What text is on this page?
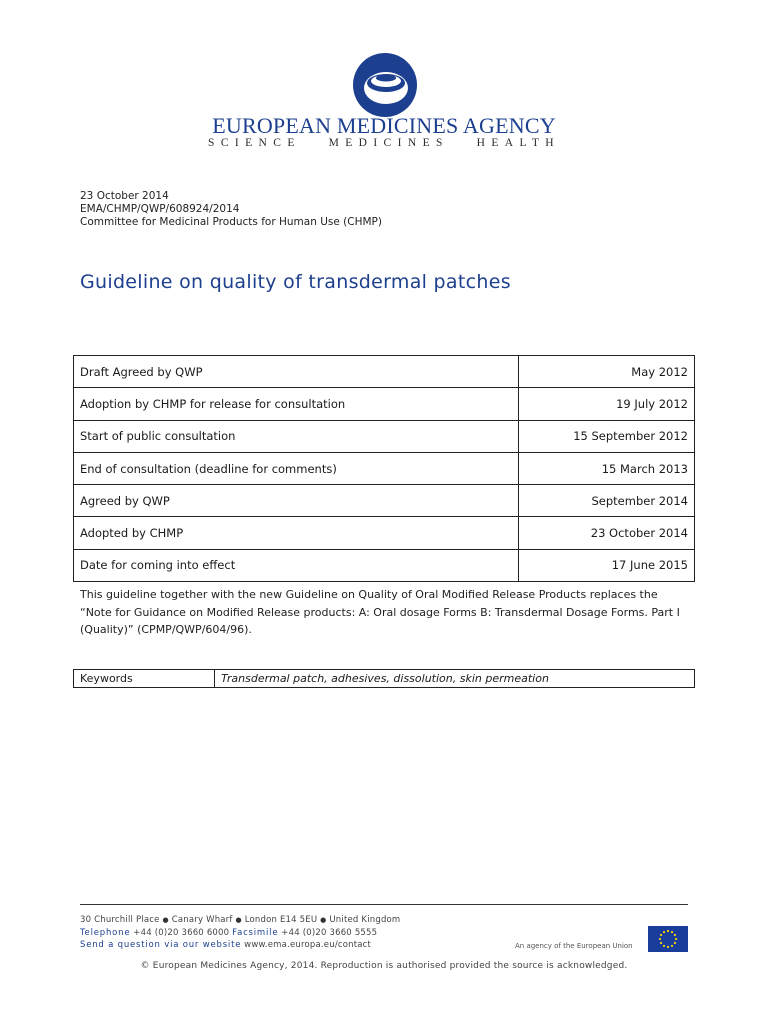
EUROPEAN MEDICINES AGENCY
SCIENCE   MEDICINES   HEALTH
23 October 2014
EMA/CHMP/QWP/608924/2014
Committee for Medicinal Products for Human Use (CHMP)
Guideline on quality of transdermal patches
Draft Agreed by QWP	May 2012
Adoption by CHMP for release for consultation	19 July 2012
Start of public consultation	15 September 2012
End of consultation (deadline for comments)	15 March 2013
Agreed by QWP	September 2014
Adopted by CHMP	23 October 2014
Date for coming into effect	17 June 2015
This guideline together with the new Guideline on Quality of Oral Modified Release Products replaces the “Note for Guidance on Modified Release products: A: Oral dosage Forms B: Transdermal Dosage Forms. Part I (Quality)” (CPMP/QWP/604/96).
Keywords	Transdermal patch, adhesives, dissolution, skin permeation
30 Churchill Place ● Canary Wharf ● London E14 5EU ● United Kingdom
Telephone +44 (0)20 3660 6000 Facsimile +44 (0)20 3660 5555
Send a question via our website www.ema.europa.eu/contact	An agency of the European Union
© European Medicines Agency, 2014. Reproduction is authorised provided the source is acknowledged.
